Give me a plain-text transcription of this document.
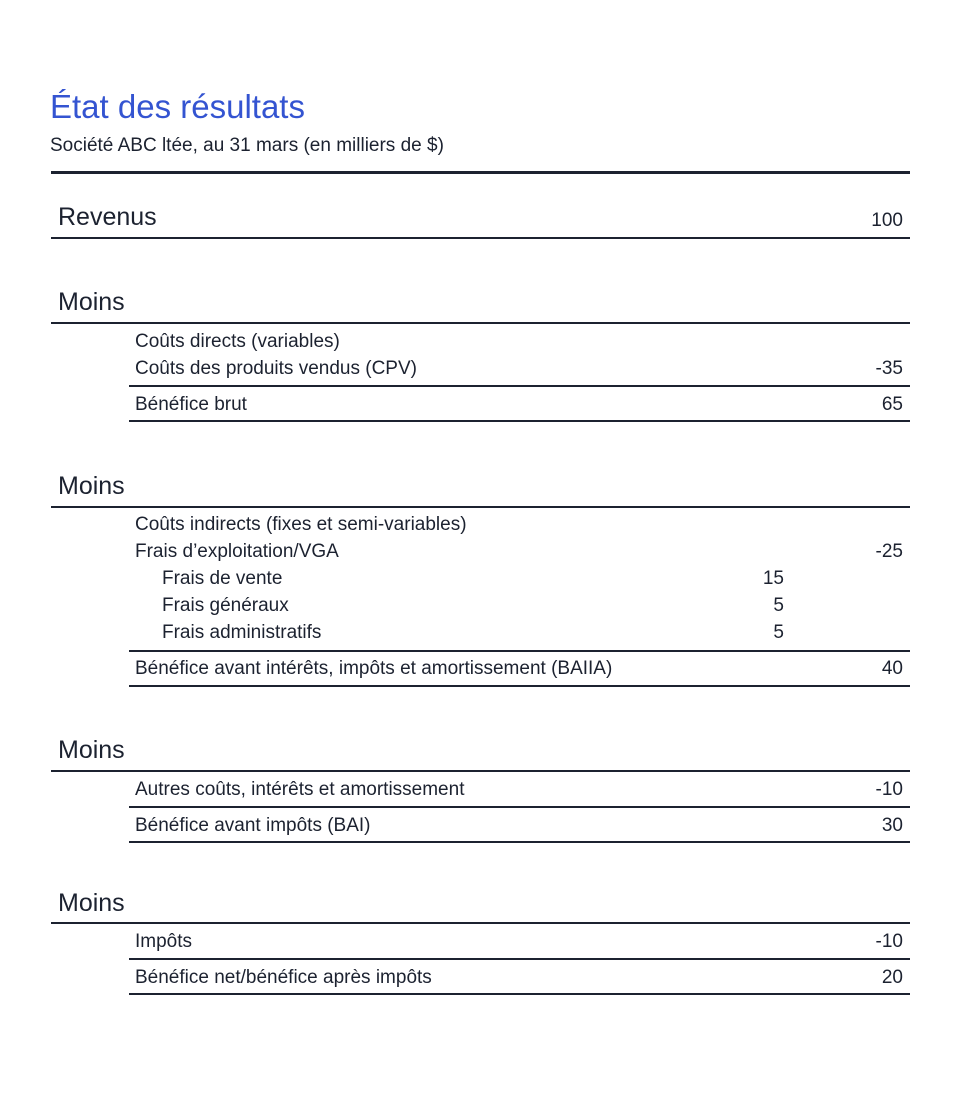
État des résultats
Société ABC ltée, au 31 mars (en milliers de $)
Revenus	100
Moins
Coûts directs (variables)
Coûts des produits vendus (CPV)	-35
Bénéfice brut	65
Moins
Coûts indirects (fixes et semi-variables)
Frais d’exploitation/VGA	-25
Frais de vente	15
Frais généraux	5
Frais administratifs	5
Bénéfice avant intérêts, impôts et amortissement (BAIIA)	40
Moins
Autres coûts, intérêts et amortissement	-10
Bénéfice avant impôts (BAI)	30
Moins
Impôts	-10
Bénéfice net/bénéfice après impôts	20
